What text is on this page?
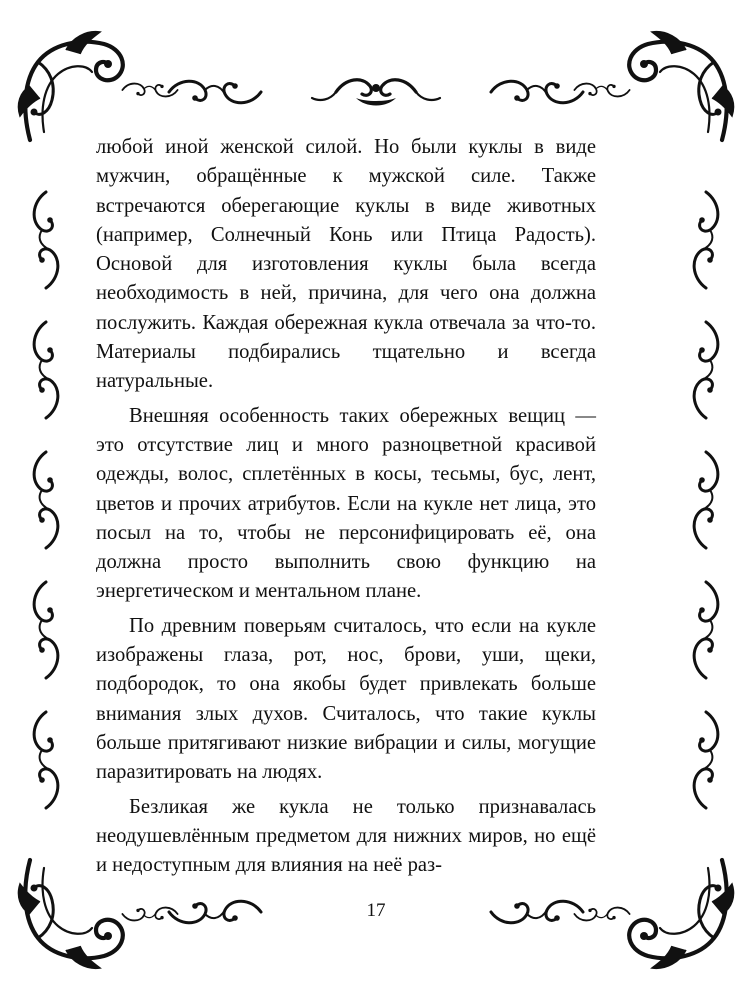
любой иной женской силой. Но были куклы в виде мужчин, обращённые к мужской силе. Также встречаются оберегающие куклы в виде животных (например, Солнечный Конь или Птица Радость). Основой для изготовления куклы была всегда необходимость в ней, причина, для чего она должна послужить. Каждая обережная кукла отвечала за что-то. Материалы подбирались тщательно и всегда натуральные.

Внешняя особенность таких обережных вещиц — это отсутствие лиц и много разноцветной красивой одежды, волос, сплетённых в косы, тесьмы, бус, лент, цветов и прочих атрибутов. Если на кукле нет лица, это посыл на то, чтобы не персонифицировать её, она должна просто выполнить свою функцию на энергетическом и ментальном плане.

По древним поверьям считалось, что если на кукле изображены глаза, рот, нос, брови, уши, щеки, подбородок, то она якобы будет привлекать больше внимания злых духов. Считалось, что такие куклы больше притягивают низкие вибрации и силы, могущие паразитировать на людях.

Безликая же кукла не только признавалась неодушевлённым предметом для нижних миров, но ещё и недоступным для влияния на неё раз-

17
